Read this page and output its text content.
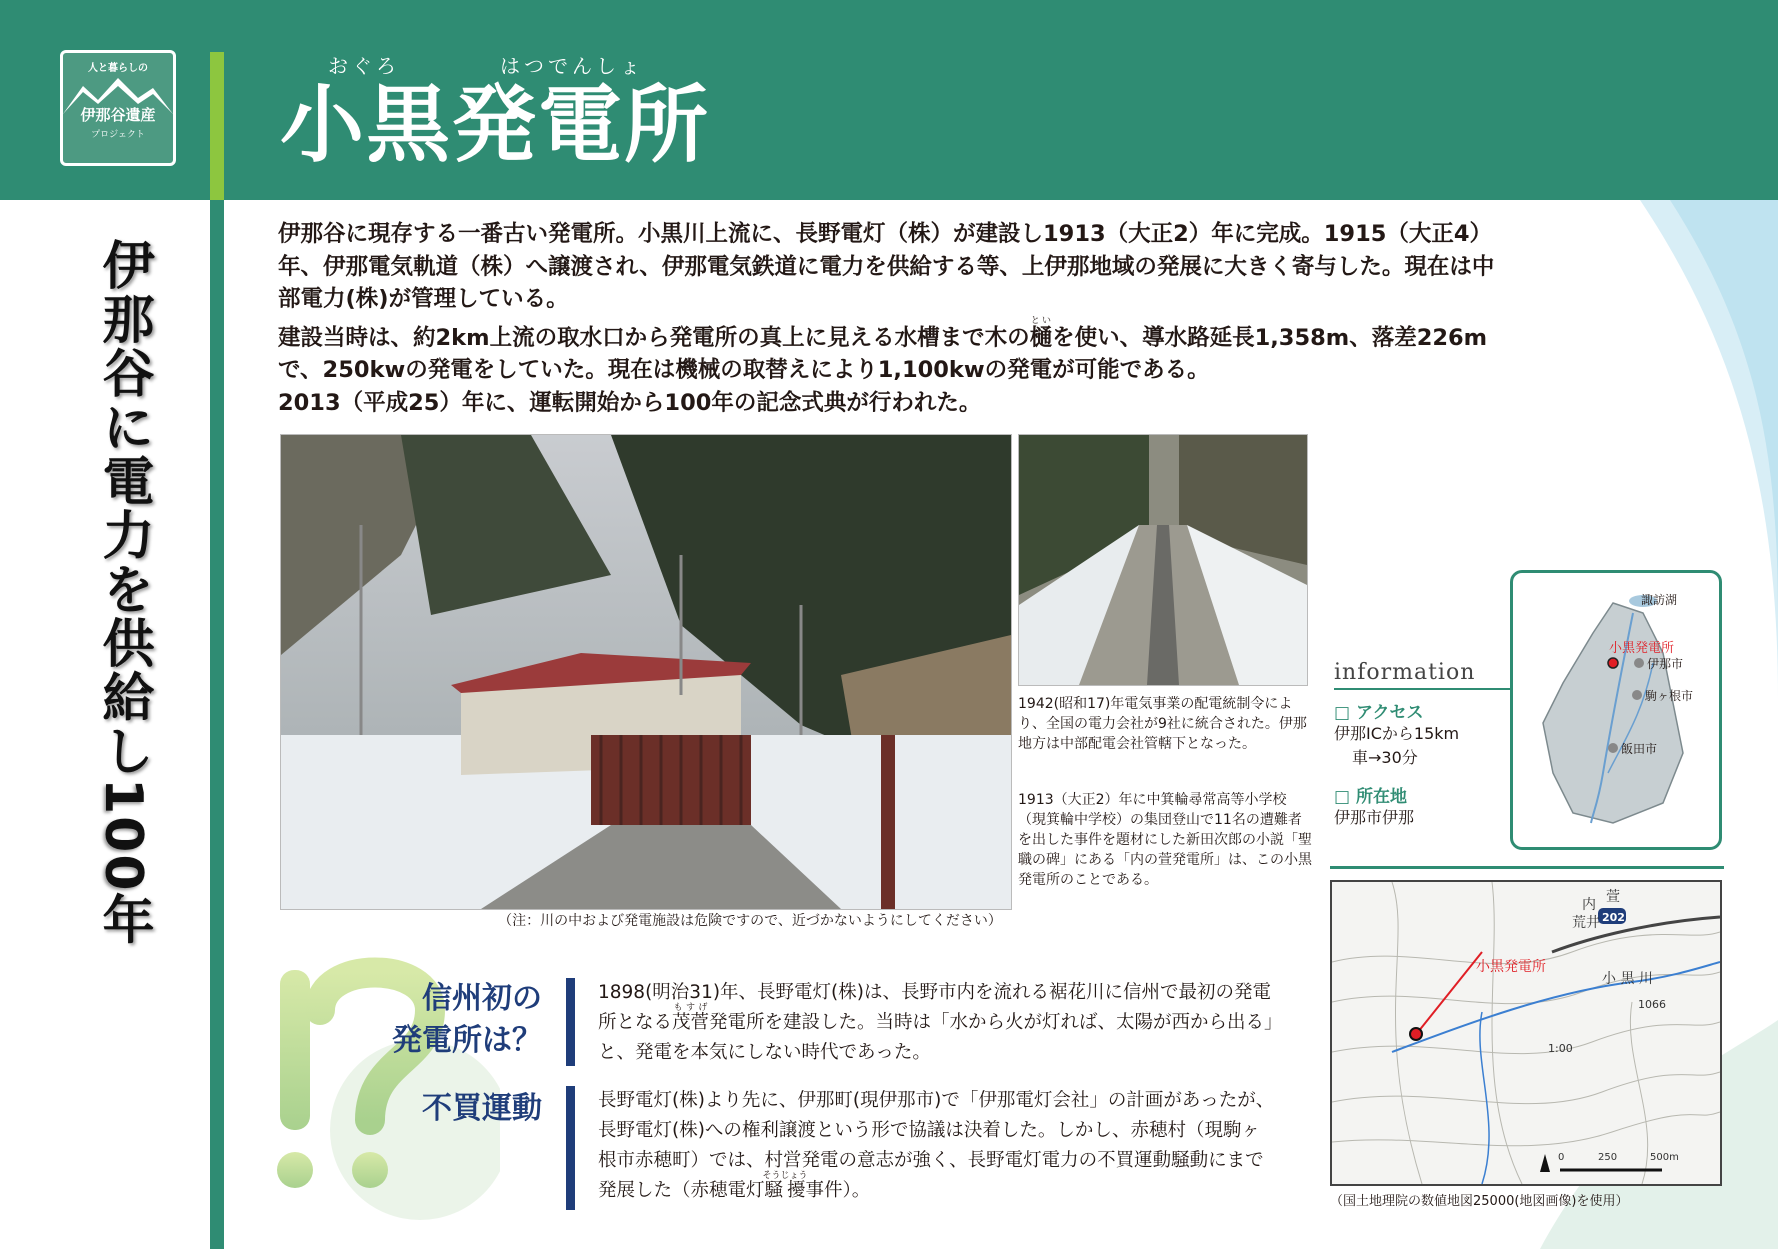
人と暮らしの
伊那谷遺産
プロジェクト
おぐろ	はつでんしょ
小黒発電所
伊那谷に電力を供給し100年

伊那谷に現存する一番古い発電所。小黒川上流に、長野電灯（株）が建設し1913（大正2）年に完成。1915（大正4）年、伊那電気軌道（株）へ譲渡され、伊那電気鉄道に電力を供給する等、上伊那地域の発展に大きく寄与した。現在は中部電力(株)が管理している。

建設当時は、約2km上流の取水口から発電所の真上に見える水槽まで木の樋といを使い、導水路延長1,358m、落差226mで、250kwの発電をしていた。現在は機械の取替えにより1,100kwの発電が可能である。

2013（平成25）年に、運転開始から100年の記念式典が行われた。

（注：川の中および発電施設は危険ですので、近づかないようにしてください）

1942(昭和17)年電気事業の配電統制令により、全国の電力会社が9社に統合された。伊那地方は中部配電会社管轄下となった。

1913（大正2）年に中箕輪尋常高等小学校（現箕輪中学校）の集団登山で11名の遭難者を出した事件を題材にした新田次郎の小説「聖職の碑」にある「内の萱発電所」は、この小黒発電所のことである。

information
□ アクセス
伊那ICから15km
車→30分
□ 所在地
伊那市伊那
諏訪湖
小黒発電所
伊那市
駒ヶ根市
飯田市
内 萱
荒井 202
小 黒 川
小黒発電所
1066
1:00
0	250	500m
（国土地理院の数値地図25000(地図画像)を使用）
信州初の
発電所は？

1898(明治31)年、長野電灯(株)は、長野市内を流れる裾花川に信州で最初の発電所となる茂菅もすげ発電所を建設した。当時は「水から火が灯れば、太陽が西から出る」と、発電を本気にしない時代であった。

不買運動	長野電灯(株)より先に、伊那町(現伊那市)で「伊那電灯会社」の計画があったが、長野電灯(株)への権利譲渡という形で協議は決着した。しかし、赤穂村（現駒ヶ根市赤穂町）では、村営発電の意志が強く、長野電灯電力の不買運動騒動にまで発展した（赤穂電灯騒擾そうじょう事件）。
